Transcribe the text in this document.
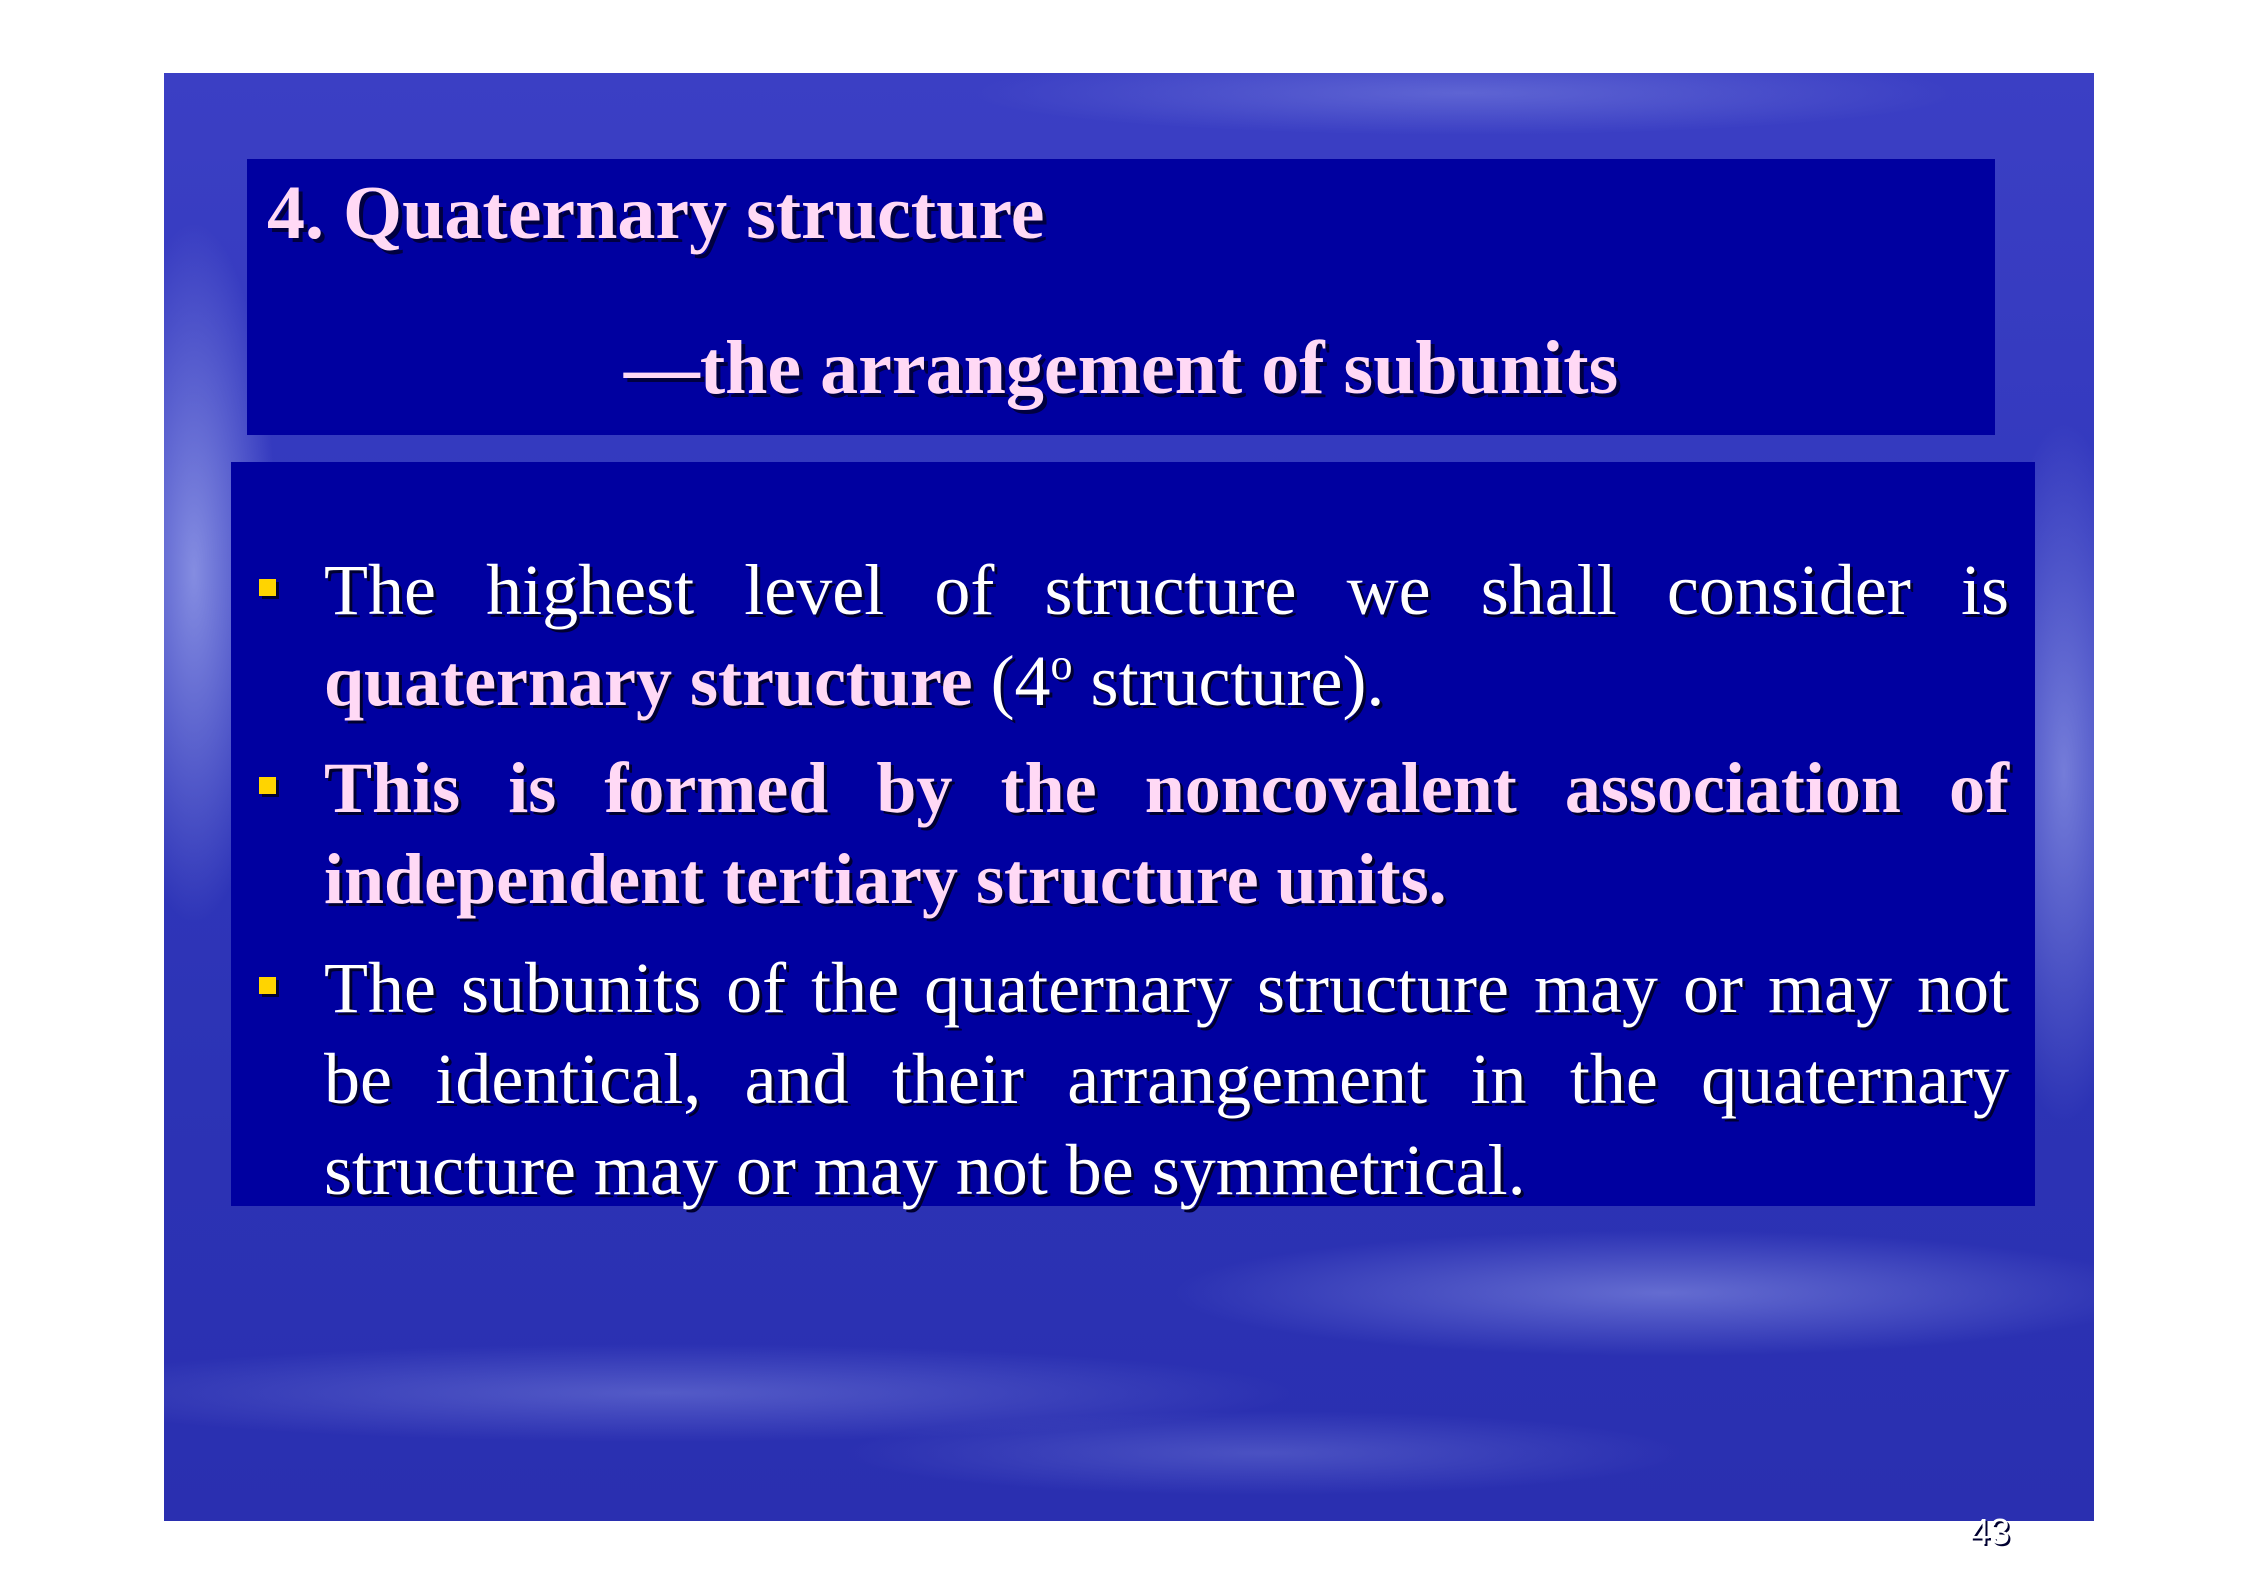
4. Quaternary structure
—the arrangement of subunits
The highest level of structure we shall consider is quaternary structure (4$^o$ structure).
This is formed by the noncovalent association of independent tertiary structure units.
The subunits of the quaternary structure may or may not be identical, and their arrangement in the quaternary structure may or may not be symmetrical.
43
